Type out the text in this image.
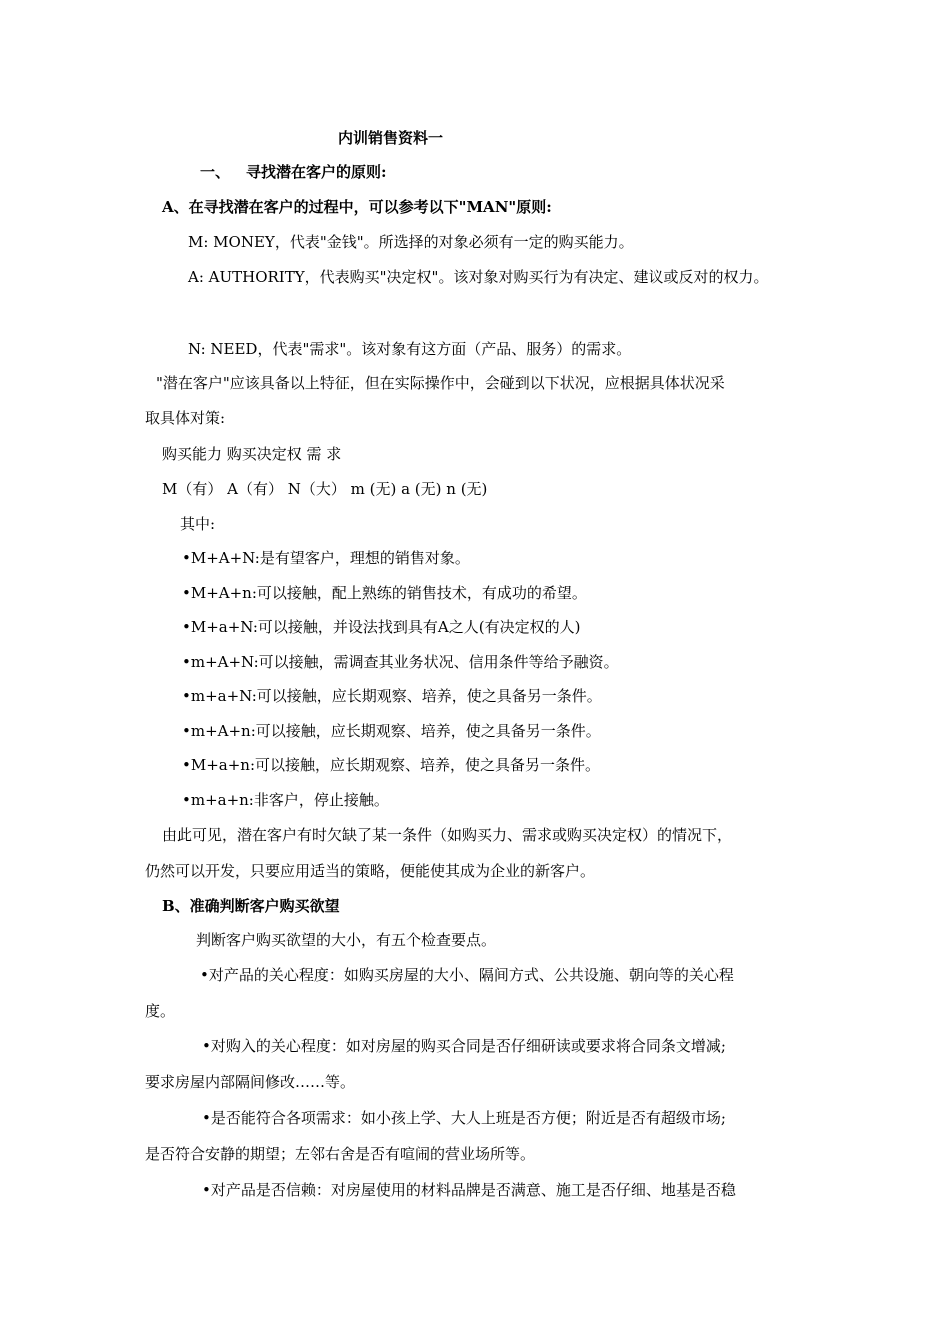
内训销售资料一
一、 寻找潜在客户的原则:
A、在寻找潜在客户的过程中，可以参考以下"MAN"原则:
M: MONEY，代表"金钱"。所选择的对象必须有一定的购买能力。
A: AUTHORITY，代表购买"决定权"。该对象对购买行为有决定、建议或反对的权力。
N: NEED，代表"需求"。该对象有这方面（产品、服务）的需求。
"潜在客户"应该具备以上特征，但在实际操作中，会碰到以下状况，应根据具体状况采
取具体对策:
购买能力 购买决定权 需 求
M（有） A（有） N（大） m (无) a (无) n (无)
其中:
•M+A+N:是有望客户，理想的销售对象。
•M+A+n:可以接触，配上熟练的销售技术，有成功的希望。
•M+a+N:可以接触，并设法找到具有A之人(有决定权的人)
•m+A+N:可以接触，需调查其业务状况、信用条件等给予融资。
•m+a+N:可以接触，应长期观察、培养，使之具备另一条件。
•m+A+n:可以接触，应长期观察、培养，使之具备另一条件。
•M+a+n:可以接触，应长期观察、培养，使之具备另一条件。
•m+a+n:非客户，停止接触。
由此可见，潜在客户有时欠缺了某一条件（如购买力、需求或购买决定权）的情况下，
仍然可以开发，只要应用适当的策略，便能使其成为企业的新客户。
B、准确判断客户购买欲望
判断客户购买欲望的大小，有五个检查要点。
•对产品的关心程度：如购买房屋的大小、隔间方式、公共设施、朝向等的关心程
度。
•对购入的关心程度：如对房屋的购买合同是否仔细研读或要求将合同条文增减;
要求房屋内部隔间修改……等。
•是否能符合各项需求：如小孩上学、大人上班是否方便；附近是否有超级市场;
是否符合安静的期望；左邻右舍是否有喧闹的营业场所等。
•对产品是否信赖：对房屋使用的材料品牌是否满意、施工是否仔细、地基是否稳
